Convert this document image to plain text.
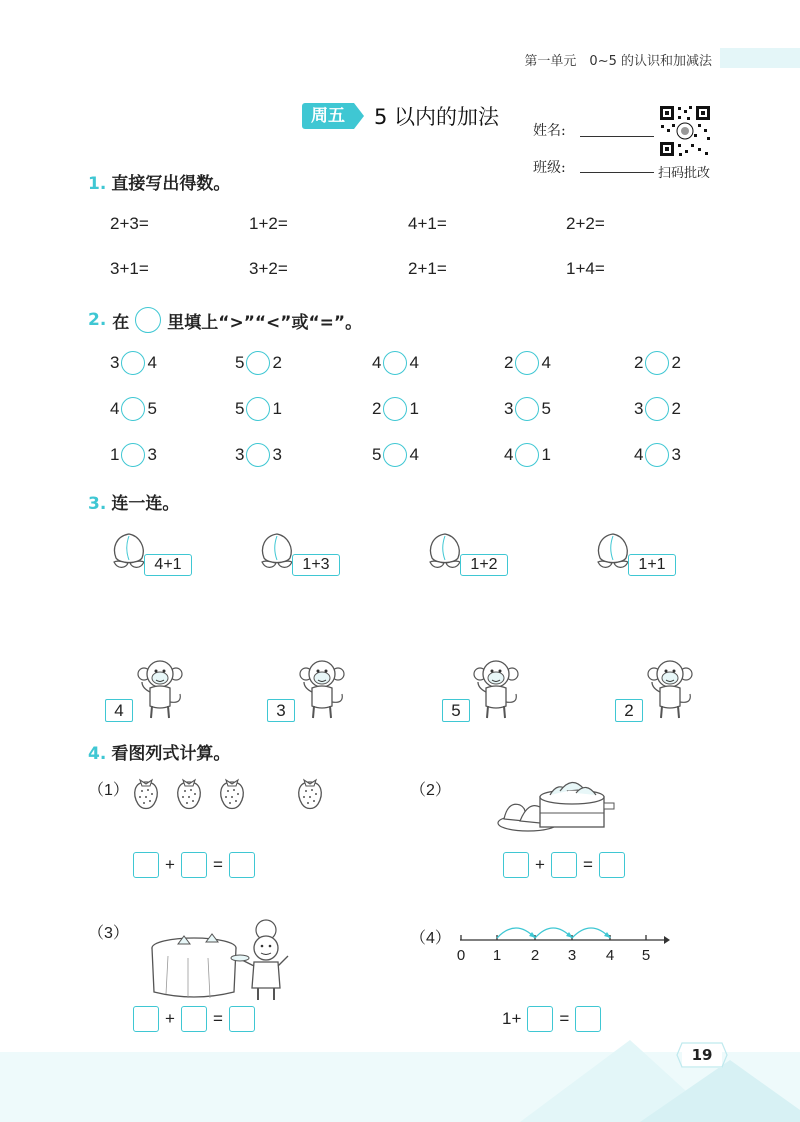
第一单元　0~5 的认识和加减法
周五	5 以内的加法
姓名:
班级:	扫码批改
1. 直接写出得数。
2+3=	1+2=	4+1=	2+2=
3+1=	3+2=	2+1=	1+4=
2. 在 里填上“>”“<”或“=”。
3 4	5 2	4 4	2 4	2 2
4 5	5 1	2 1	3 5	3 2
1 3	3 3	5 4	4 1	4 3
3. 连一连。
4+1	1+3	1+2	1+1
4	3	5	2
4. 看图列式计算。
（1）
+ =
（2）
+ =
（3）
+ =
（4）
0 1 2 3 4 5
1+ =
19
